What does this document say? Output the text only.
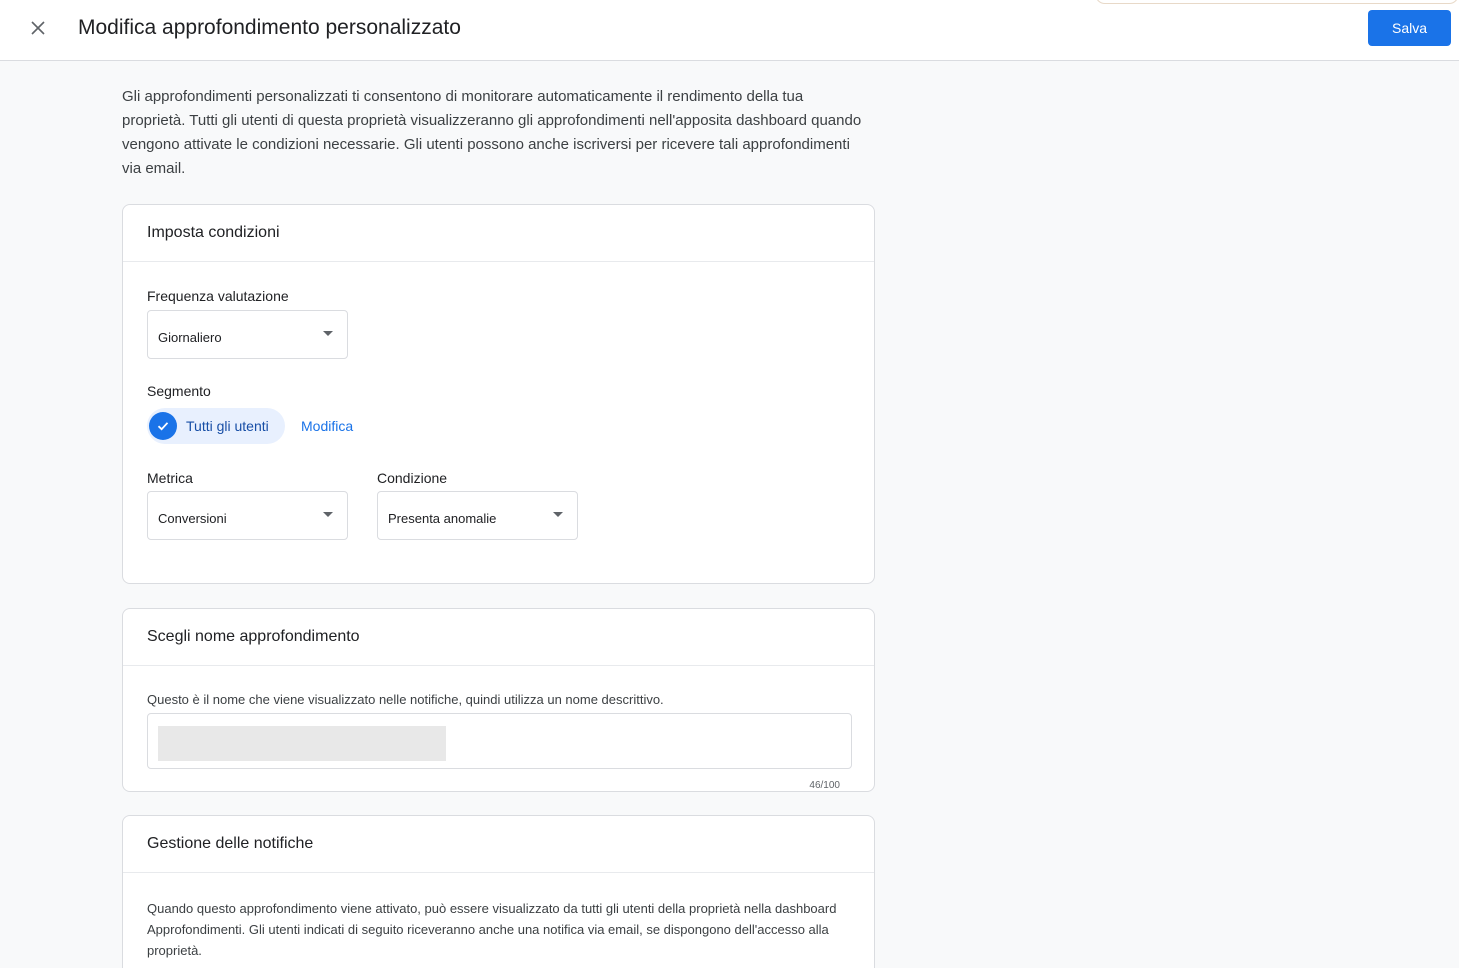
Modifica approfondimento personalizzato	Salva

Gli approfondimenti personalizzati ti consentono di monitorare automaticamente il rendimento della tua proprietà. Tutti gli utenti di questa proprietà visualizzeranno gli approfondimenti nell'apposita dashboard quando vengono attivate le condizioni necessarie. Gli utenti possono anche iscriversi per ricevere tali approfondimenti via email.

Imposta condizioni
Frequenza valutazione
Giornaliero
Segmento
Tutti gli utenti Modifica
Metrica
Conversioni
Condizione
Presenta anomalie
Scegli nome approfondimento
Questo è il nome che viene visualizzato nelle notifiche, quindi utilizza un nome descrittivo.
46/100
Gestione delle notifiche

Quando questo approfondimento viene attivato, può essere visualizzato da tutti gli utenti della proprietà nella dashboard Approfondimenti. Gli utenti indicati di seguito riceveranno anche una notifica via email, se dispongono dell'accesso alla proprietà.
